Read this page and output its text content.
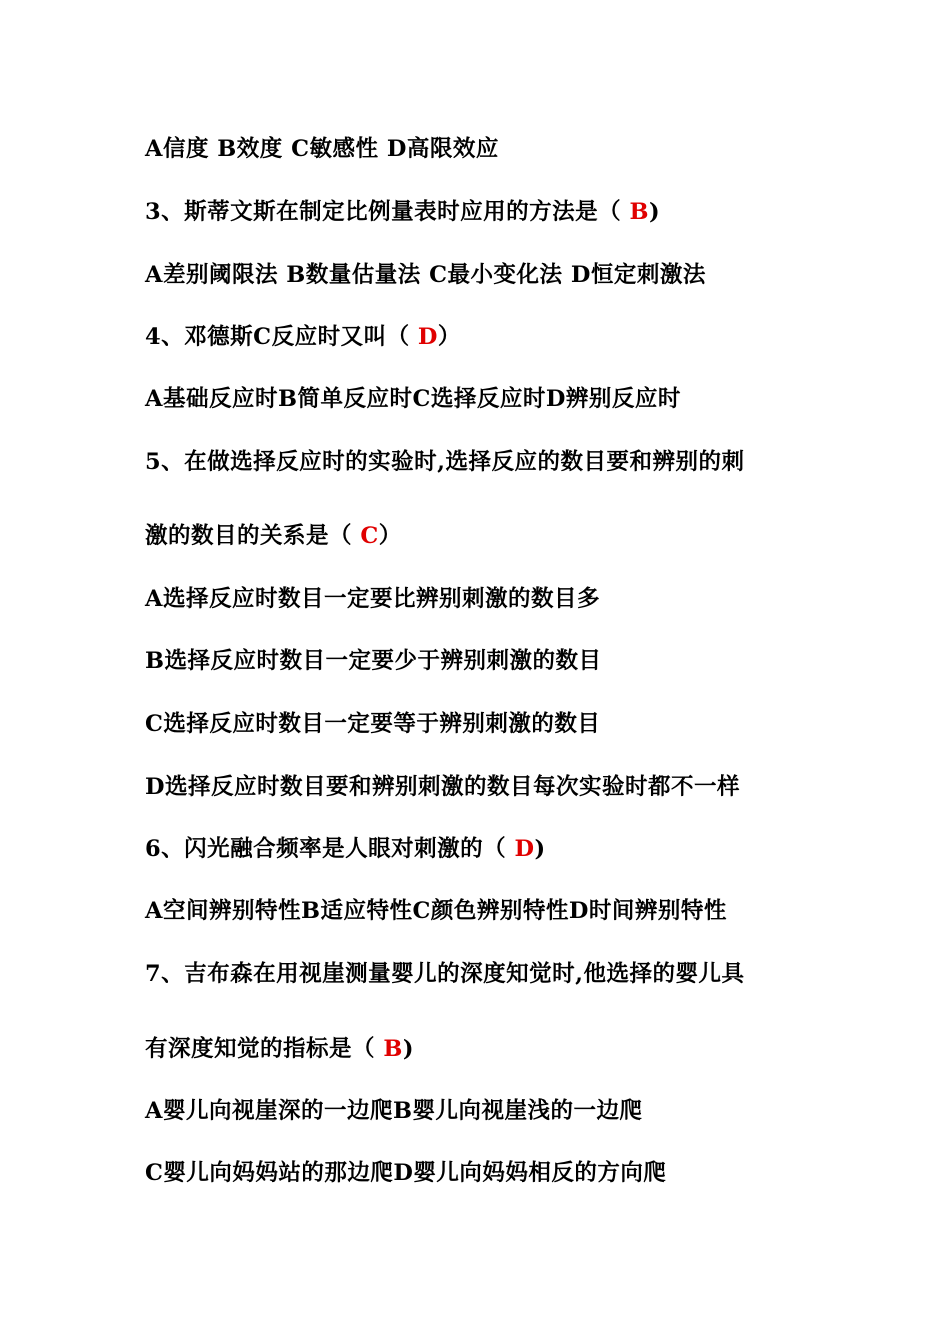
A信度 B效度 C敏感性 D高限效应
3、斯蒂文斯在制定比例量表时应用的方法是（ B)
A差别阈限法 B数量估量法 C最小变化法 D恒定刺激法
4、邓德斯C反应时又叫（ D）
A基础反应时B简单反应时C选择反应时D辨别反应时
5、在做选择反应时的实验时,选择反应的数目要和辨别的刺
激的数目的关系是（ C）
A选择反应时数目一定要比辨别刺激的数目多
B选择反应时数目一定要少于辨别刺激的数目
C选择反应时数目一定要等于辨别刺激的数目
D选择反应时数目要和辨别刺激的数目每次实验时都不一样
6、闪光融合频率是人眼对刺激的（ D)
A空间辨别特性B适应特性C颜色辨别特性D时间辨别特性
7、吉布森在用视崖测量婴儿的深度知觉时,他选择的婴儿具
有深度知觉的指标是（ B)
A婴儿向视崖深的一边爬B婴儿向视崖浅的一边爬
C婴儿向妈妈站的那边爬D婴儿向妈妈相反的方向爬
